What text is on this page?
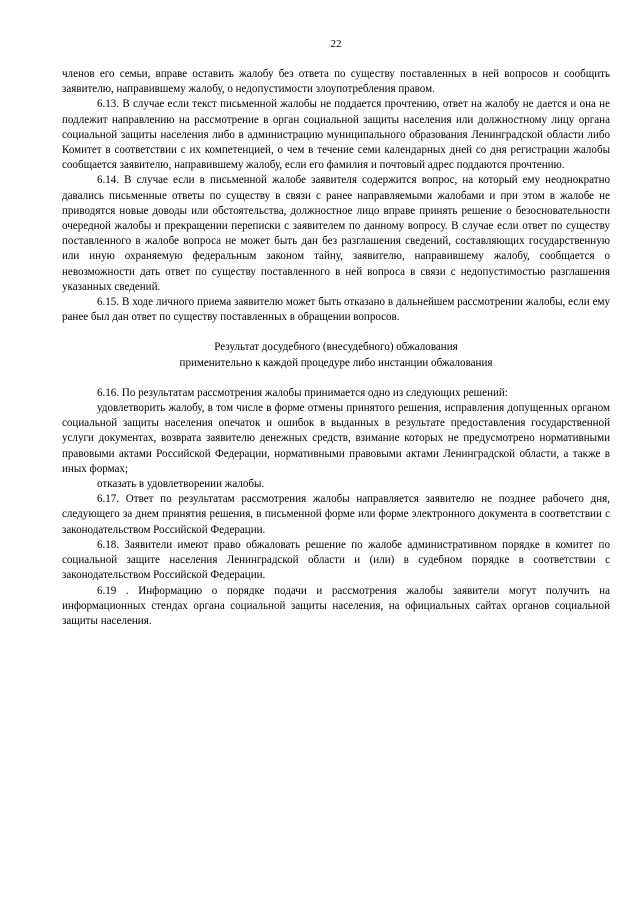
22

членов его семьи, вправе оставить жалобу без ответа по существу поставленных в ней вопросов и сообщить заявителю, направившему жалобу, о недопустимости злоупотребления правом.

6.13. В случае если текст письменной жалобы не поддается прочтению, ответ на жалобу не дается и она не подлежит направлению на рассмотрение в орган социальной защиты населения или должностному лицу органа социальной защиты населения либо в администрацию муниципального образования Ленинградской области либо Комитет в соответствии с их компетенцией, о чем в течение семи календарных дней со дня регистрации жалобы сообщается заявителю, направившему жалобу, если его фамилия и почтовый адрес поддаются прочтению.

6.14. В случае если в письменной жалобе заявителя содержится вопрос, на который ему неоднократно давались письменные ответы по существу в связи с ранее направляемыми жалобами и при этом в жалобе не приводятся новые доводы или обстоятельства, должностное лицо вправе принять решение о безосновательности очередной жалобы и прекращении переписки с заявителем по данному вопросу. В случае если ответ по существу поставленного в жалобе вопроса не может быть дан без разглашения сведений, составляющих государственную или иную охраняемую федеральным законом тайну, заявителю, направившему жалобу, сообщается о невозможности дать ответ по существу поставленного в ней вопроса в связи с недопустимостью разглашения указанных сведений.

6.15. В ходе личного приема заявителю может быть отказано в дальнейшем рассмотрении жалобы, если ему ранее был дан ответ по существу поставленных в обращении вопросов.

Результат досудебного (внесудебного) обжалования
применительно к каждой процедуре либо инстанции обжалования

6.16. По результатам рассмотрения жалобы принимается одно из следующих решений:

удовлетворить жалобу, в том числе в форме отмены принятого решения, исправления допущенных органом социальной защиты населения опечаток и ошибок в выданных в результате предоставления государственной услуги документах, возврата заявителю денежных средств, взимание которых не предусмотрено нормативными правовыми актами Российской Федерации, нормативными правовыми актами Ленинградской области, а также в иных формах;

отказать в удовлетворении жалобы.

6.17. Ответ по результатам рассмотрения жалобы направляется заявителю не позднее рабочего дня, следующего за днем принятия решения, в письменной форме или форме электронного документа в соответствии с законодательством Российской Федерации.

6.18. Заявители имеют право обжаловать решение по жалобе административном порядке в комитет по социальной защите населения Ленинградской области и (или) в судебном порядке в соответствии с законодательством Российской Федерации.

6.19 . Информацию о порядке подачи и рассмотрения жалобы заявители могут получить на информационных стендах органа социальной защиты населения, на официальных сайтах органов социальной защиты населения.
